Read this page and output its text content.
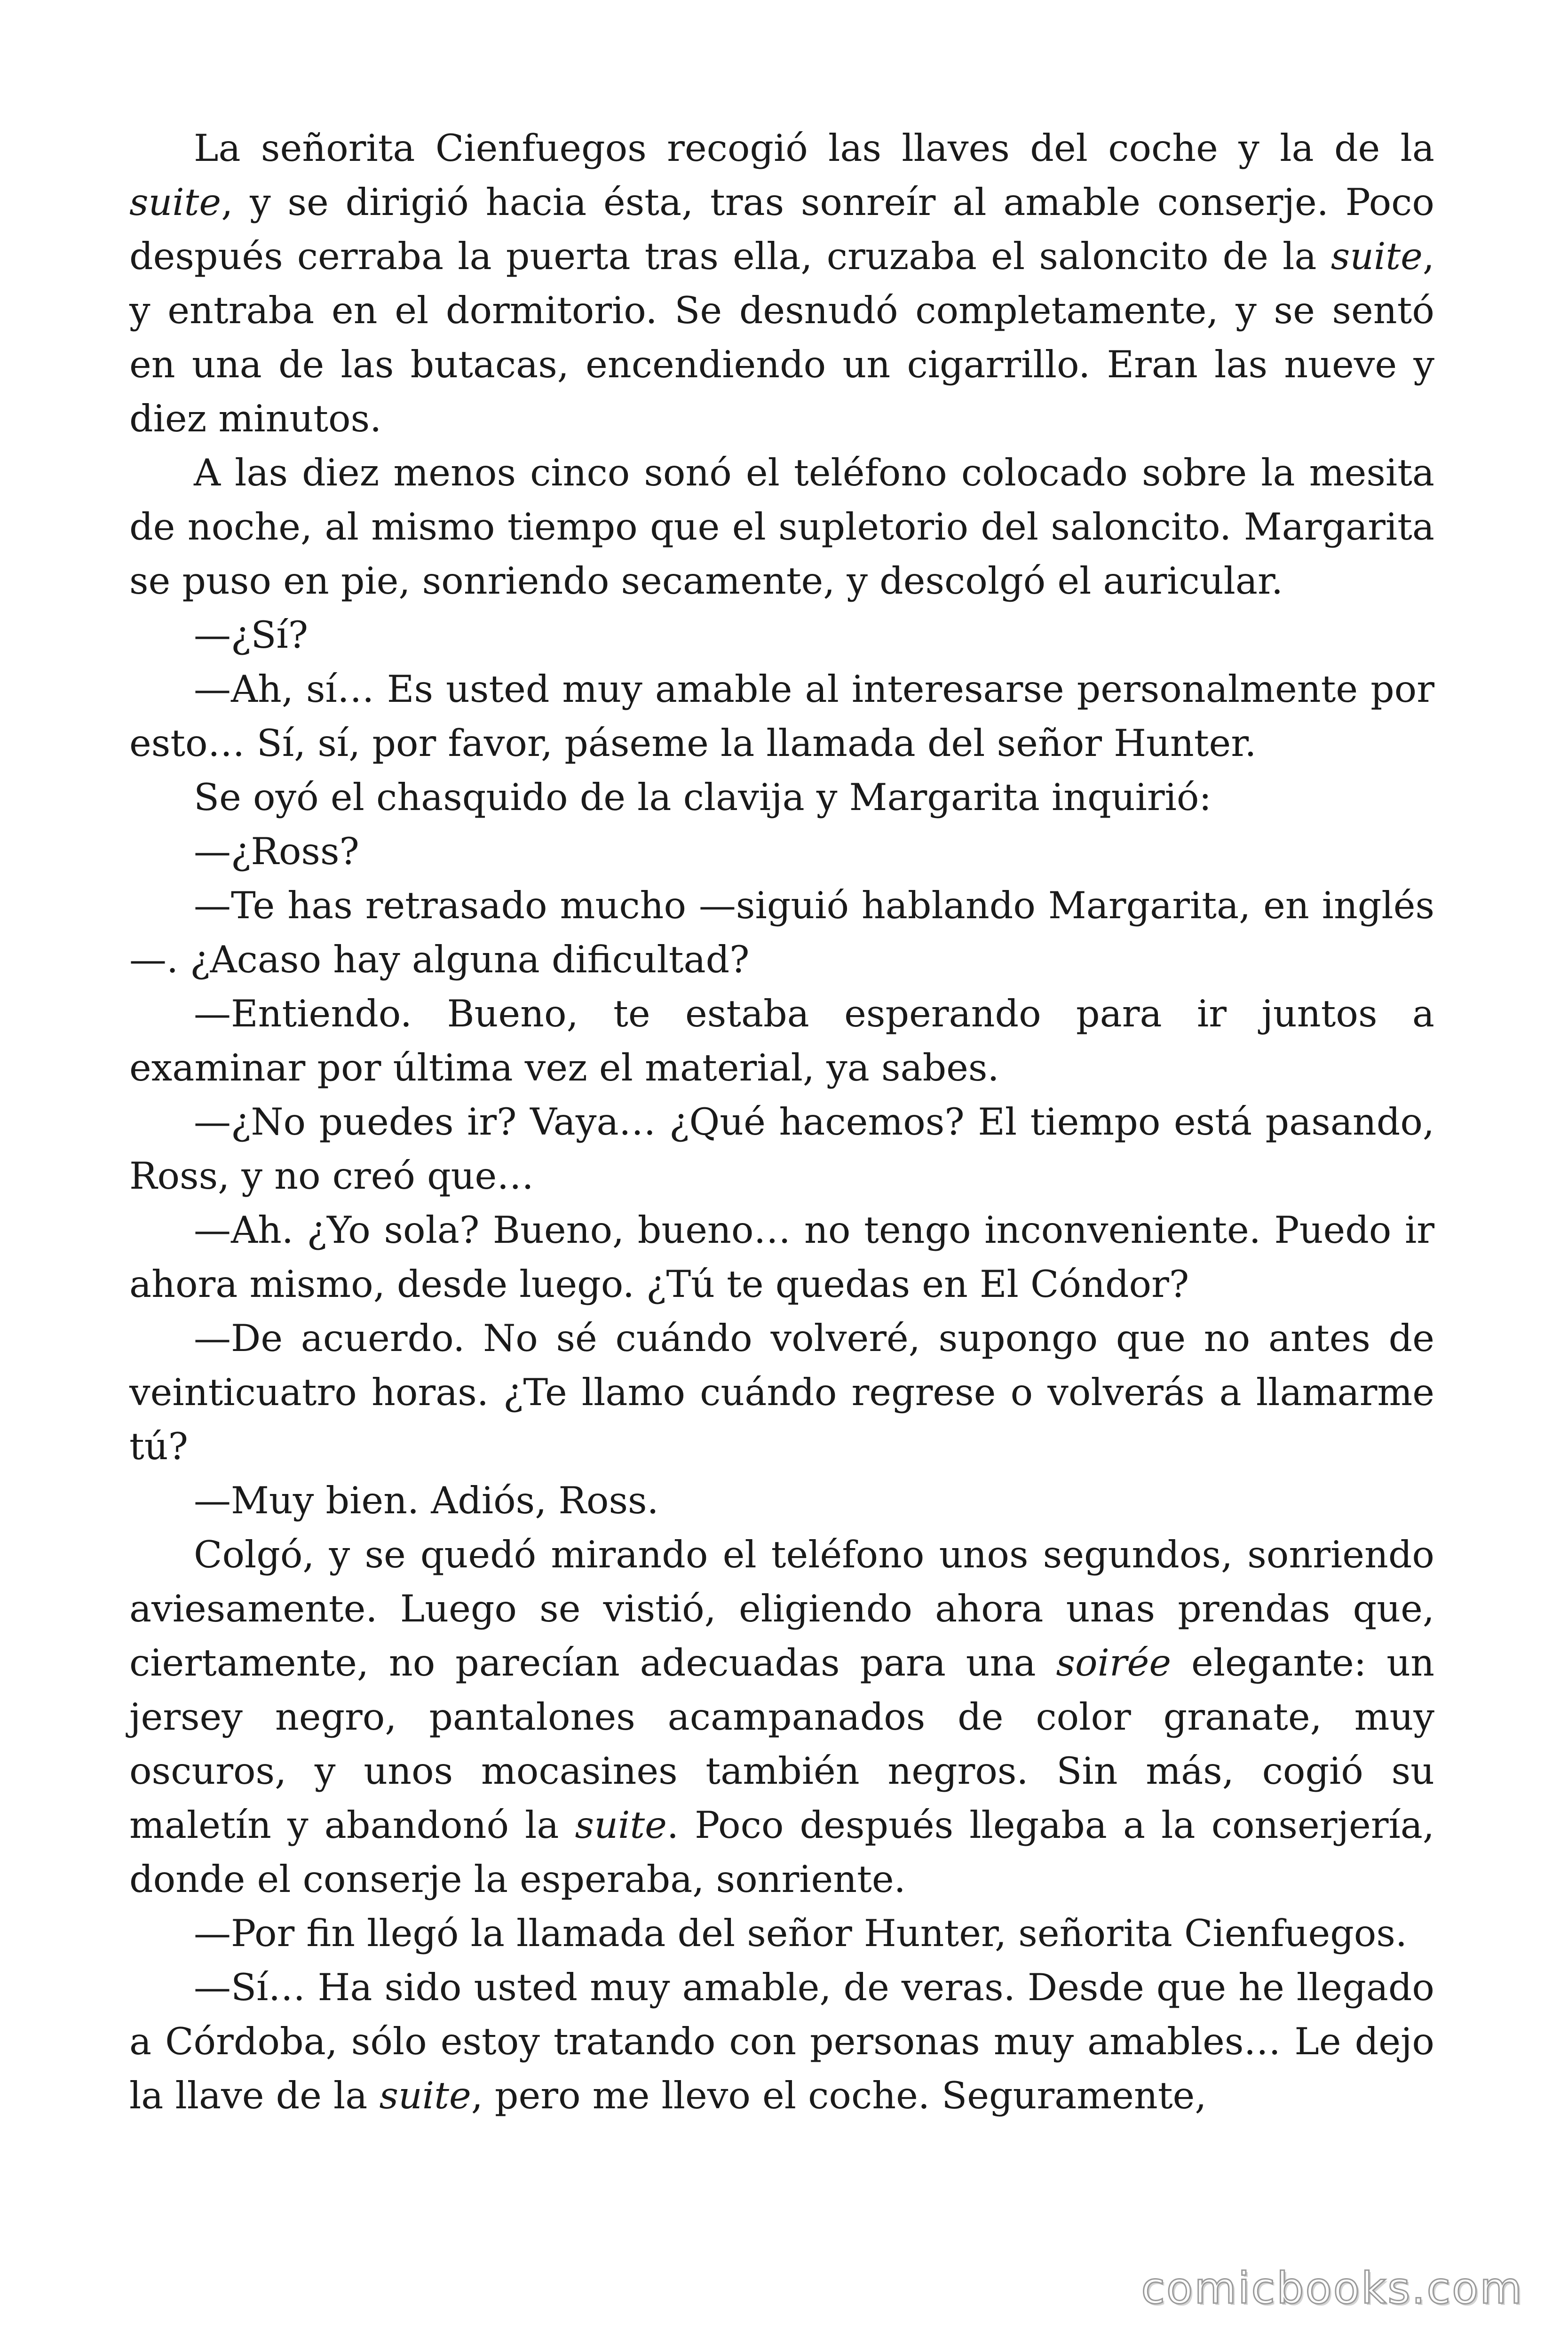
La señorita Cienfuegos recogió las llaves del coche y la de la suite, y se dirigió hacia ésta, tras sonreír al amable conserje. Poco después cerraba la puerta tras ella, cruzaba el saloncito de la suite, y entraba en el dormitorio. Se desnudó completamente, y se sentó en una de las butacas, encendiendo un cigarrillo. Eran las nueve y diez minutos.

A las diez menos cinco sonó el teléfono colocado sobre la mesita de noche, al mismo tiempo que el supletorio del saloncito. Margarita se puso en pie, sonriendo secamente, y descolgó el auricular.

—¿Sí?

—Ah, sí… Es usted muy amable al interesarse personalmente por esto… Sí, sí, por favor, páseme la llamada del señor Hunter.

Se oyó el chasquido de la clavija y Margarita inquirió:

—¿Ross?

—Te has retrasado mucho —siguió hablando Margarita, en inglés—. ¿Acaso hay alguna dificultad?

—Entiendo. Bueno, te estaba esperando para ir juntos a examinar por última vez el material, ya sabes.

—¿No puedes ir? Vaya… ¿Qué hacemos? El tiempo está pasando, Ross, y no creó que…

—Ah. ¿Yo sola? Bueno, bueno… no tengo inconveniente. Puedo ir ahora mismo, desde luego. ¿Tú te quedas en El Cóndor?

—De acuerdo. No sé cuándo volveré, supongo que no antes de veinticuatro horas. ¿Te llamo cuándo regrese o volverás a llamarme tú?

—Muy bien. Adiós, Ross.

Colgó, y se quedó mirando el teléfono unos segundos, sonriendo aviesamente. Luego se vistió, eligiendo ahora unas prendas que, ciertamente, no parecían adecuadas para una soirée elegante: un jersey negro, pantalones acampanados de color granate, muy oscuros, y unos mocasines también negros. Sin más, cogió su maletín y abandonó la suite. Poco después llegaba a la conserjería, donde el conserje la esperaba, sonriente.

—Por fin llegó la llamada del señor Hunter, señorita Cienfuegos.

—Sí… Ha sido usted muy amable, de veras. Desde que he llegado a Córdoba, sólo estoy tratando con personas muy amables… Le dejo la llave de la suite, pero me llevo el coche. Seguramente,

comicbooks.com
